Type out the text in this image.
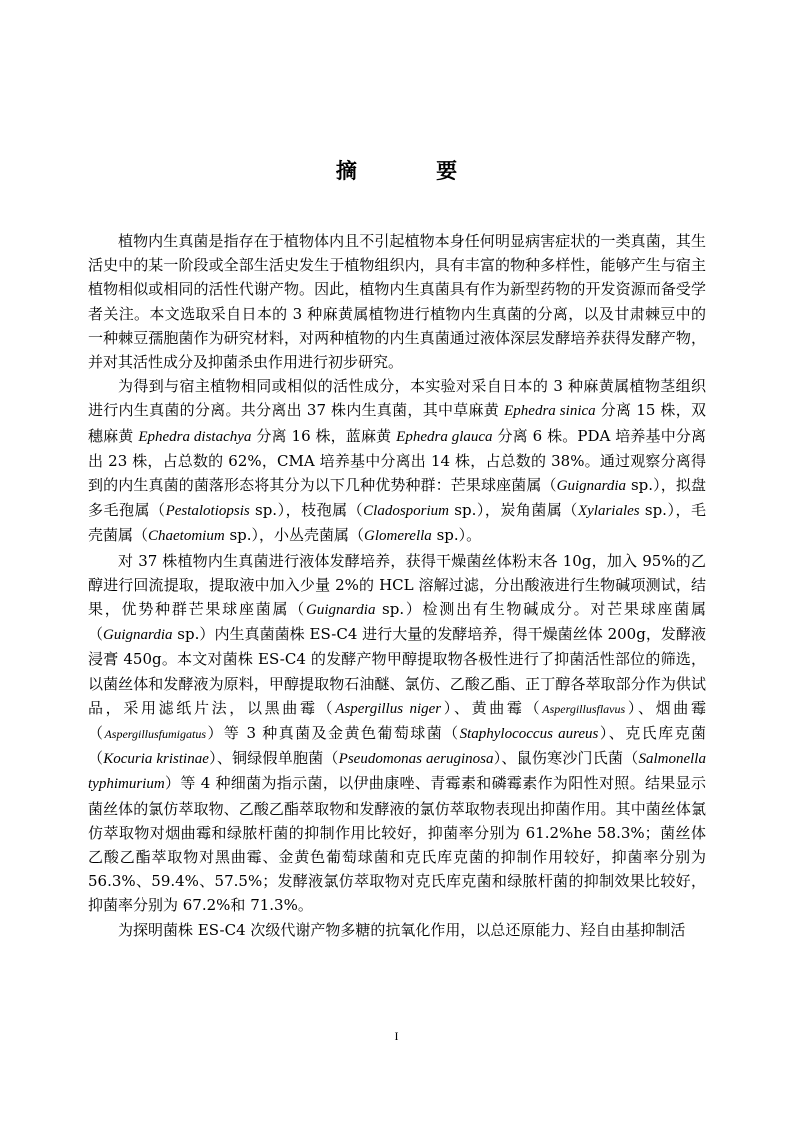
摘 要

植物内生真菌是指存在于植物体内且不引起植物本身任何明显病害症状的一类真菌，其生活史中的某一阶段或全部生活史发生于植物组织内，具有丰富的物种多样性，能够产生与宿主植物相似或相同的活性代谢产物。因此，植物内生真菌具有作为新型药物的开发资源而备受学者关注。本文选取采自日本的 3 种麻黄属植物进行植物内生真菌的分离，以及甘肃棘豆中的一种棘豆孺胞菌作为研究材料，对两种植物的内生真菌通过液体深层发酵培养获得发酵产物，并对其活性成分及抑菌杀虫作用进行初步研究。

为得到与宿主植物相同或相似的活性成分，本实验对采自日本的 3 种麻黄属植物茎组织进行内生真菌的分离。共分离出 37 株内生真菌，其中草麻黄 Ephedra sinica 分离 15 株，双穗麻黄 Ephedra distachya 分离 16 株，蓝麻黄 Ephedra glauca 分离 6 株。PDA 培养基中分离出 23 株，占总数的 62%，CMA 培养基中分离出 14 株，占总数的 38%。通过观察分离得到的内生真菌的菌落形态将其分为以下几种优势种群：芒果球座菌属（Guignardia sp.），拟盘多毛孢属（Pestalotiopsis sp.），枝孢属（Cladosporium sp.），炭角菌属（Xylariales sp.），毛壳菌属（Chaetomium sp.），小丛壳菌属（Glomerella sp.）。

对 37 株植物内生真菌进行液体发酵培养，获得干燥菌丝体粉末各 10g，加入 95%的乙醇进行回流提取，提取液中加入少量 2%的 HCL 溶解过滤，分出酸液进行生物碱项测试，结果，优势种群芒果球座菌属（Guignardia sp.）检测出有生物碱成分。对芒果球座菌属（Guignardia sp.）内生真菌菌株 ES-C4 进行大量的发酵培养，得干燥菌丝体 200g，发酵液浸膏 450g。本文对菌株 ES-C4 的发酵产物甲醇提取物各极性进行了抑菌活性部位的筛选，以菌丝体和发酵液为原料，甲醇提取物石油醚、氯仿、乙酸乙酯、正丁醇各萃取部分作为供试品，采用滤纸片法，以黑曲霉（Aspergillus niger）、黄曲霉（Aspergillusflavus）、烟曲霉（Aspergillusfumigatus）等 3 种真菌及金黄色葡萄球菌（Staphylococcus aureus）、克氏库克菌（Kocuria kristinae）、铜绿假单胞菌（Pseudomonas aeruginosa）、鼠伤寒沙门氏菌（Salmonella typhimurium）等 4 种细菌为指示菌，以伊曲康唑、青霉素和磷霉素作为阳性对照。结果显示菌丝体的氯仿萃取物、乙酸乙酯萃取物和发酵液的氯仿萃取物表现出抑菌作用。其中菌丝体氯仿萃取物对烟曲霉和绿脓杆菌的抑制作用比较好，抑菌率分别为 61.2%he 58.3%；菌丝体乙酸乙酯萃取物对黑曲霉、金黄色葡萄球菌和克氏库克菌的抑制作用较好，抑菌率分别为 56.3%、59.4%、57.5%；发酵液氯仿萃取物对克氏库克菌和绿脓杆菌的抑制效果比较好，抑菌率分别为 67.2%和 71.3%。

为探明菌株 ES-C4 次级代谢产物多糖的抗氧化作用，以总还原能力、羟自由基抑制活

I
